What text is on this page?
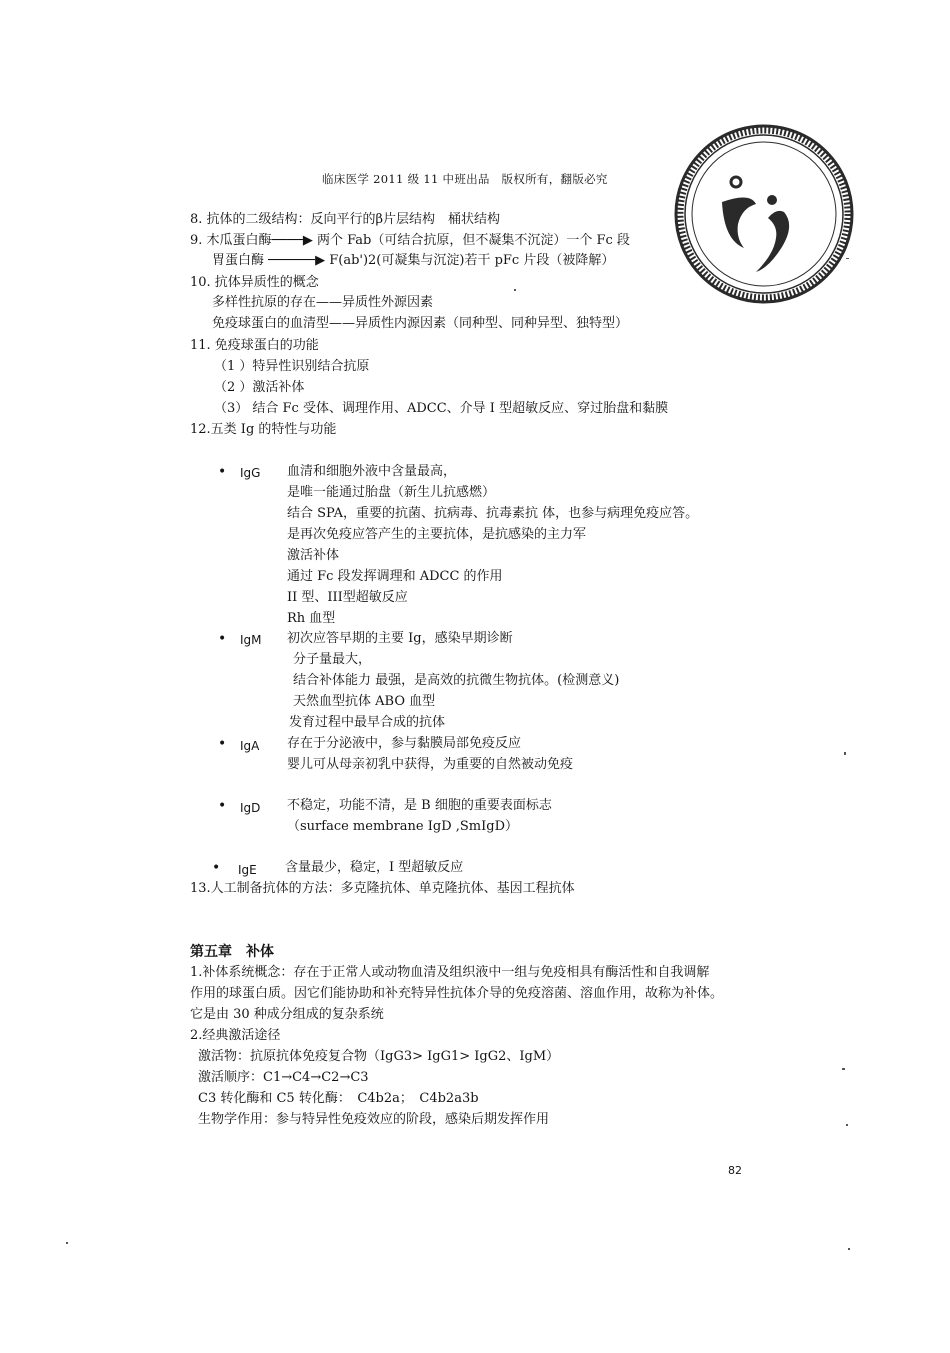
临床医学 2011 级 11 中班出品　版权所有，翻版必究
8. 抗体的二级结构：反向平行的β片层结构　桶状结构
9. 木瓜蛋白酶────▶ 两个 Fab（可结合抗原，但不凝集不沉淀）一个 Fc 段
胃蛋白酶 ──────▶ F(ab')2(可凝集与沉淀)若干 pFc 片段（被降解）
10. 抗体异质性的概念
多样性抗原的存在——异质性外源因素
免疫球蛋白的血清型——异质性内源因素（同种型、同种异型、独特型）
11. 免疫球蛋白的功能
（1 ）特异性识别结合抗原
（2 ）激活补体
（3） 结合 Fc 受体、调理作用、ADCC、介导 I 型超敏反应、穿过胎盘和黏膜
12.五类 Ig 的特性与功能
• IgG 血清和细胞外液中含量最高，
是唯一能通过胎盘（新生儿抗感燃）
结合 SPA，重要的抗菌、抗病毒、抗毒素抗 体，也参与病理免疫应答。
是再次免疫应答产生的主要抗体，是抗感染的主力军
激活补体
通过 Fc 段发挥调理和 ADCC 的作用
II 型、III型超敏反应
Rh 血型
• IgM 初次应答早期的主要 Ig，感染早期诊断
分子量最大，
结合补体能力 最强，是高效的抗微生物抗体。(检测意义)
天然血型抗体 ABO 血型
发育过程中最早合成的抗体
• IgA 存在于分泌液中，参与黏膜局部免疫反应
婴儿可从母亲初乳中获得，为重要的自然被动免疫
• IgD 不稳定，功能不清，是 B 细胞的重要表面标志
（surface membrane IgD ,SmIgD）
• IgE 含量最少，稳定，I 型超敏反应
13.人工制备抗体的方法：多克隆抗体、单克隆抗体、基因工程抗体
第五章　补体
1.补体系统概念：存在于正常人或动物血清及组织液中一组与免疫相具有酶活性和自我调解
作用的球蛋白质。因它们能协助和补充特异性抗体介导的免疫溶菌、溶血作用，故称为补体。
它是由 30 种成分组成的复杂系统
2.经典激活途径
激活物：抗原抗体免疫复合物（IgG3> IgG1> IgG2、IgM）
激活顺序：C1→C4→C2→C3
C3 转化酶和 C5 转化酶：　C4b2a；　C4b2a3b
生物学作用：参与特异性免疫效应的阶段，感染后期发挥作用
82
